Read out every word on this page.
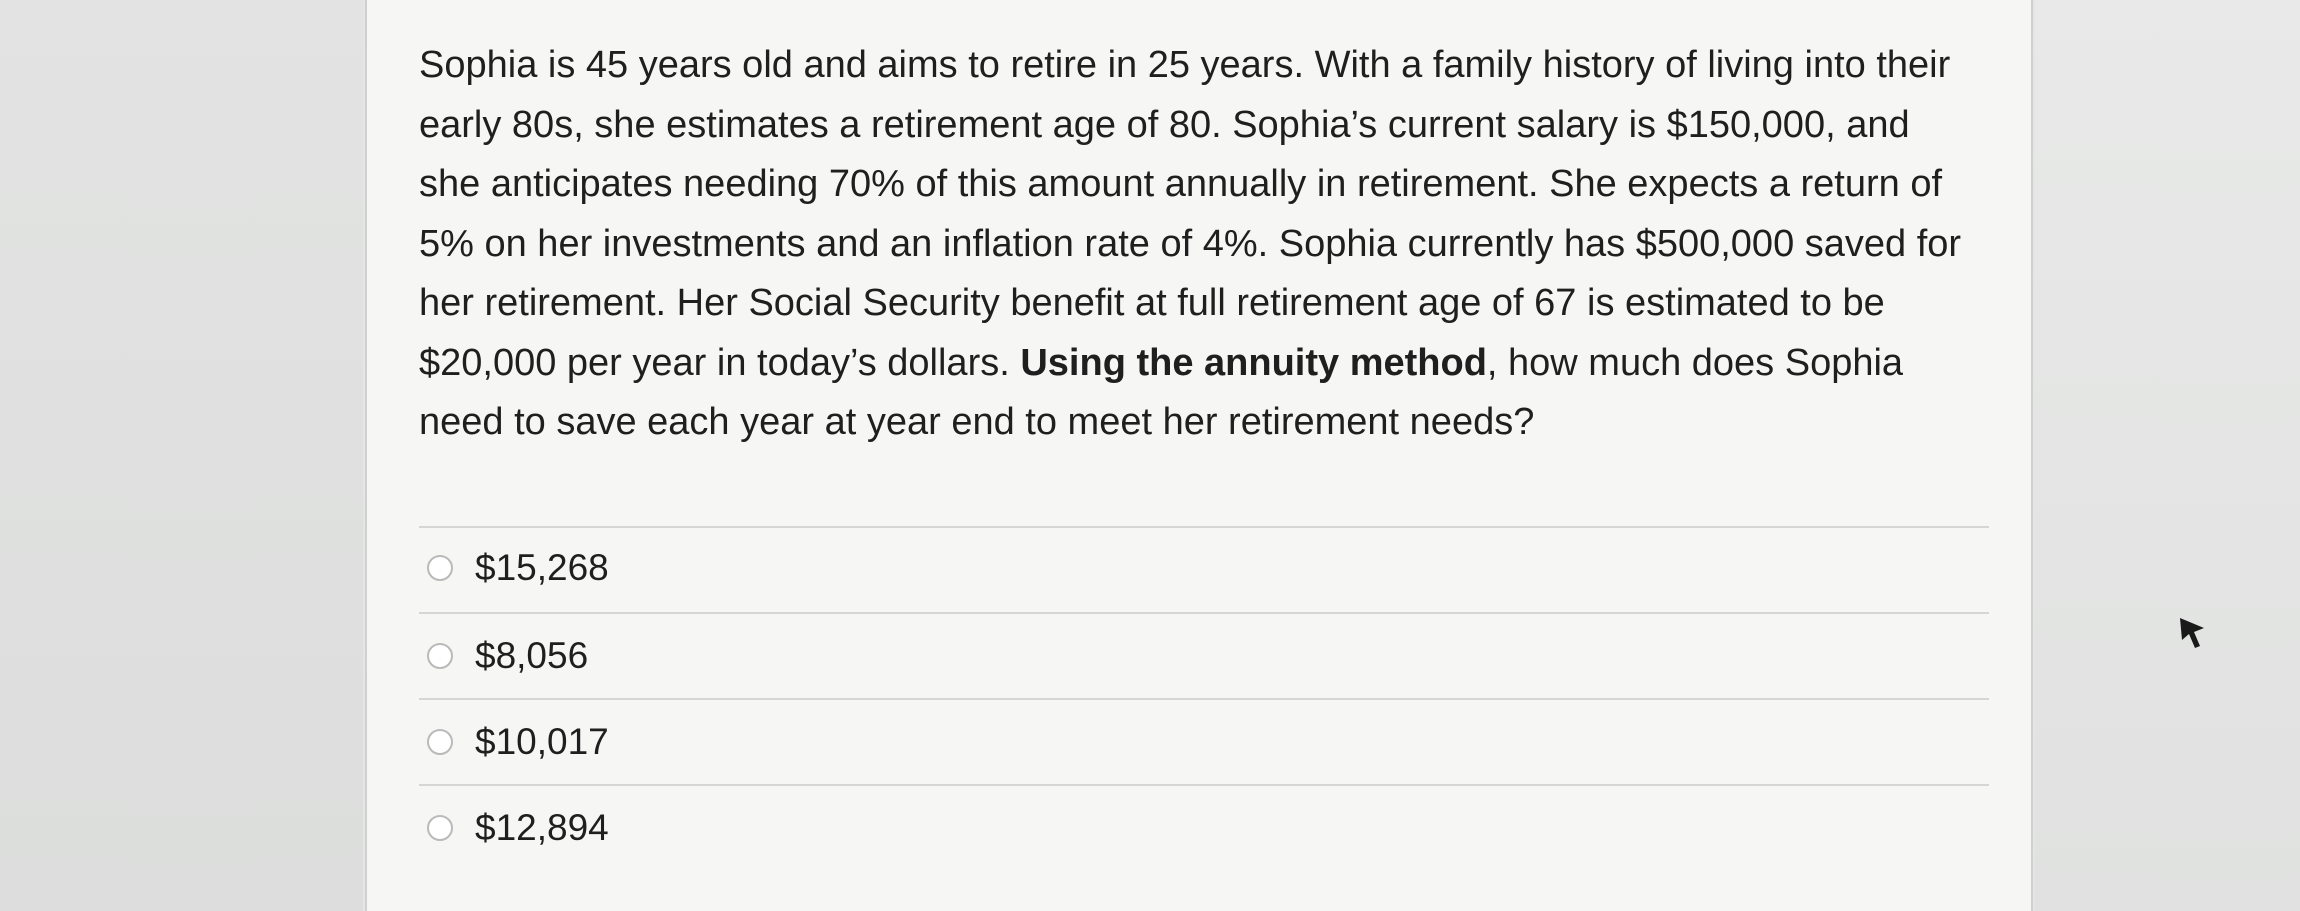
Sophia is 45 years old and aims to retire in 25 years. With a family history of living into their early 80s, she estimates a retirement age of 80. Sophia’s current salary is $150,000, and she anticipates needing 70% of this amount annually in retirement. She expects a return of 5% on her investments and an inflation rate of 4%. Sophia currently has $500,000 saved for her retirement. Her Social Security benefit at full retirement age of 67 is estimated to be $20,000 per year in today’s dollars. Using the annuity method, how much does Sophia need to save each year at year end to meet her retirement needs?

$15,268
$8,056
$10,017
$12,894
